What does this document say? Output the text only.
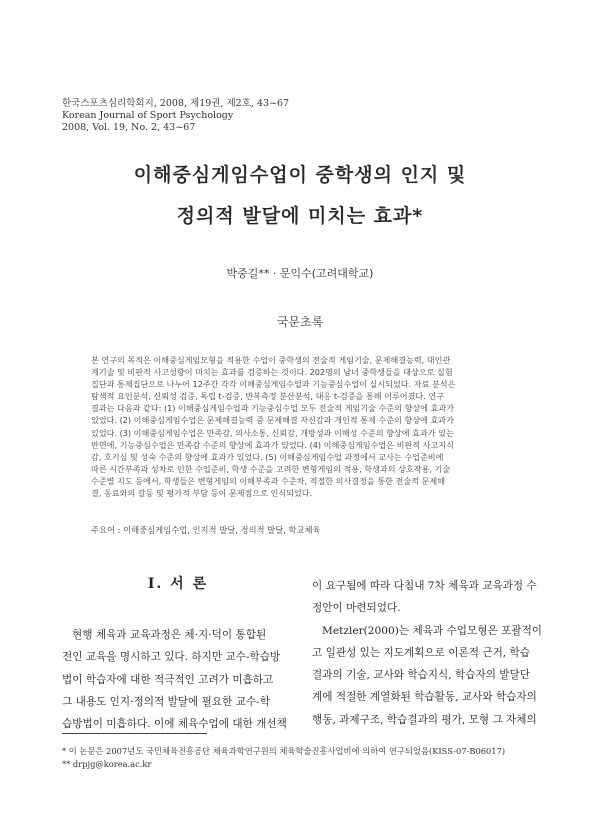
한국스포츠심리학회지, 2008, 제19권, 제2호, 43~67
Korean Journal of Sport Psychology
2008, Vol. 19, No. 2, 43~67
이해중심게임수업이 중학생의 인지 및
정의적 발달에 미치는 효과*
박중길** · 문익수(고려대학교)
국문초록
본 연구의 목적은 이해중심게임모형을 적용한 수업이 중학생의 전술적 게임기술, 문제해결능력, 대인관
계기술 및 비판적 사고성향이 미치는 효과를 검증하는 것이다. 202명의 남녀 중학생들을 대상으로 실험
집단과 통제집단으로 나누어 12주간 각각 이해중심게임수업과 기능중심수업이 실시되었다. 자료 분석은
탐색적 요인분석, 신뢰성 검증, 독립 t-검증, 반복측정 분산분석, 대응 t-검증을 통해 이루어졌다. 연구
결과는 다음과 같다: (1) 이해중심게임수업과 기능중심수업 모두 전술적 게임기술 수준의 향상에 효과가
있었다. (2) 이해중심게임수업은 문제해결능력 중 문제해결 자신감과 개인적 통제 수준의 향상에 효과가
있었다. (3) 이해중심게임수업은 만족감, 의사소통, 신뢰감, 개방성과 이해성 수준의 향상에 효과가 있는
반면에, 기능중심수업은 만족감 수준의 향상에 효과가 있었다. (4) 이해중심게임수업은 비판적 사고지식
감, 호기심 및 성숙 수준의 향상에 효과가 있었다. (5) 이해중심게임수업 과정에서 교사는 수업준비에
따른 시간부족과 성차로 인한 수업준비, 학생 수준을 고려한 변형게임의 적용, 학생과의 상호작용, 기술
수준별 지도 등에서, 학생들은 변형게임의 이해부족과 수준차, 적절한 의사결정을 통한 전술적 문제해
결, 동료와의 갈등 및 평가적 부담 등이 문제점으로 인식되었다.
주요어 : 이해중심게임수업, 인지적 발달, 정의적 발달, 학교체육
I. 서 론
현행 체육과 교육과정은 체·지·덕이 통합된
전인 교육을 명시하고 있다. 하지만 교수-학습방
법이 학습자에 대한 적극적인 고려가 미흡하고
그 내용도 인지·정의적 발달에 필요한 교수-학
습방법이 미흡하다. 이에 체육수업에 대한 개선책
이 요구됨에 따라 다침내 7차 체육과 교육과정 수
정안이 마련되었다.
Metzler(2000)는 체육과 수업모형은 포괄적이
고 일관성 있는 지도계획으로 이론적 근거, 학습
결과의 기술, 교사와 학습지식, 학습자의 발달단
계에 적절한 계열화된 학습활동, 교사와 학습자의
행동, 과제구조, 학습결과의 평가, 모형 그 자체의
* 이 논문은 2007년도 국민체육진흥공단 체육과학연구원의 체육학술진흥사업비에 의하여 연구되었음(KISS-07-B06017)
** drpjg@korea.ac.kr
